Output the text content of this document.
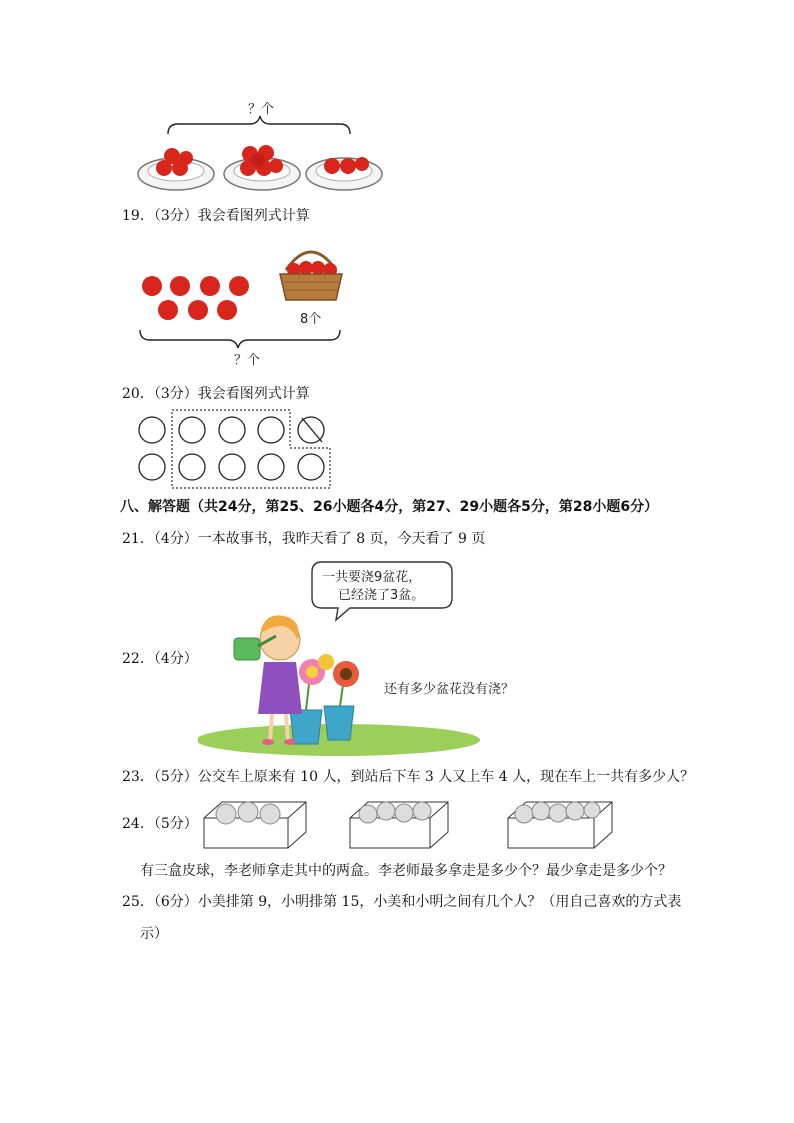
？个
19．（3分）我会看图列式计算
8个
？个
20．（3分）我会看图列式计算
八、解答题（共24分，第25、26小题各4分，第27、29小题各5分，第28小题6分）
21．（4分）一本故事书，我昨天看了 8 页，今天看了 9 页
22．（4分）
一共要浇9盆花，
已经浇了3盆。
还有多少盆花没有浇？
23．（5分）公交车上原来有 10 人，到站后下车 3 人又上车 4 人，现在车上一共有多少人？
24．（5分）
有三盒皮球，李老师拿走其中的两盒。李老师最多拿走是多少个？最少拿走是多少个？
25．（6分）小美排第 9，小明排第 15，小美和小明之间有几个人？（用自己喜欢的方式表
示）
